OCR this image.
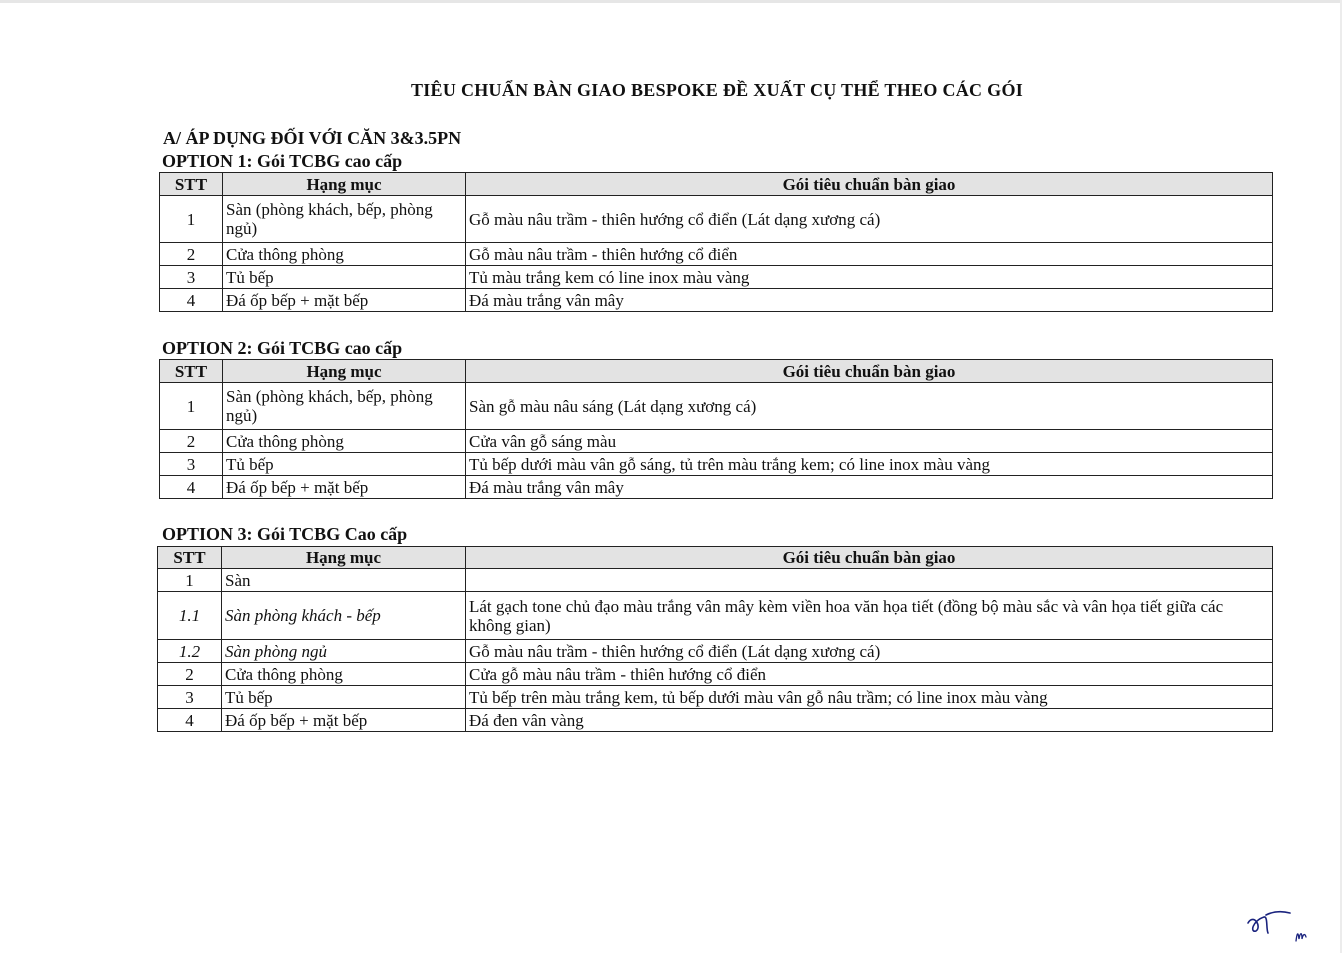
TIÊU CHUẨN BÀN GIAO BESPOKE ĐỀ XUẤT CỤ THỂ THEO CÁC GÓI
A/ ÁP DỤNG ĐỐI VỚI CĂN 3&3.5PN
OPTION 1: Gói TCBG cao cấp
STT	Hạng mục	Gói tiêu chuẩn bàn giao
1	Sàn (phòng khách, bếp, phòng ngủ)	Gỗ màu nâu trầm - thiên hướng cổ điển (Lát dạng xương cá)
2	Cửa thông phòng	Gỗ màu nâu trầm - thiên hướng cổ điển
3	Tủ bếp	Tủ màu trắng kem có line inox màu vàng
4	Đá ốp bếp + mặt bếp	Đá màu trắng vân mây
OPTION 2: Gói TCBG cao cấp
STT	Hạng mục	Gói tiêu chuẩn bàn giao
1	Sàn (phòng khách, bếp, phòng ngủ)	Sàn gỗ màu nâu sáng (Lát dạng xương cá)
2	Cửa thông phòng	Cửa vân gỗ sáng màu
3	Tủ bếp	Tủ bếp dưới màu vân gỗ sáng, tủ trên màu trắng kem; có line inox màu vàng
4	Đá ốp bếp + mặt bếp	Đá màu trắng vân mây
OPTION 3: Gói TCBG Cao cấp
STT	Hạng mục	Gói tiêu chuẩn bàn giao
1	Sàn	
1.1	Sàn phòng khách - bếp	Lát gạch tone chủ đạo màu trắng vân mây kèm viền hoa văn họa tiết (đồng bộ màu sắc và vân họa tiết giữa các không gian)
1.2	Sàn phòng ngủ	Gỗ màu nâu trầm - thiên hướng cổ điển (Lát dạng xương cá)
2	Cửa thông phòng	Cửa gỗ màu nâu trầm - thiên hướng cổ điển
3	Tủ bếp	Tủ bếp trên màu trắng kem, tủ bếp dưới màu vân gỗ nâu trầm; có line inox màu vàng
4	Đá ốp bếp + mặt bếp	Đá đen vân vàng
